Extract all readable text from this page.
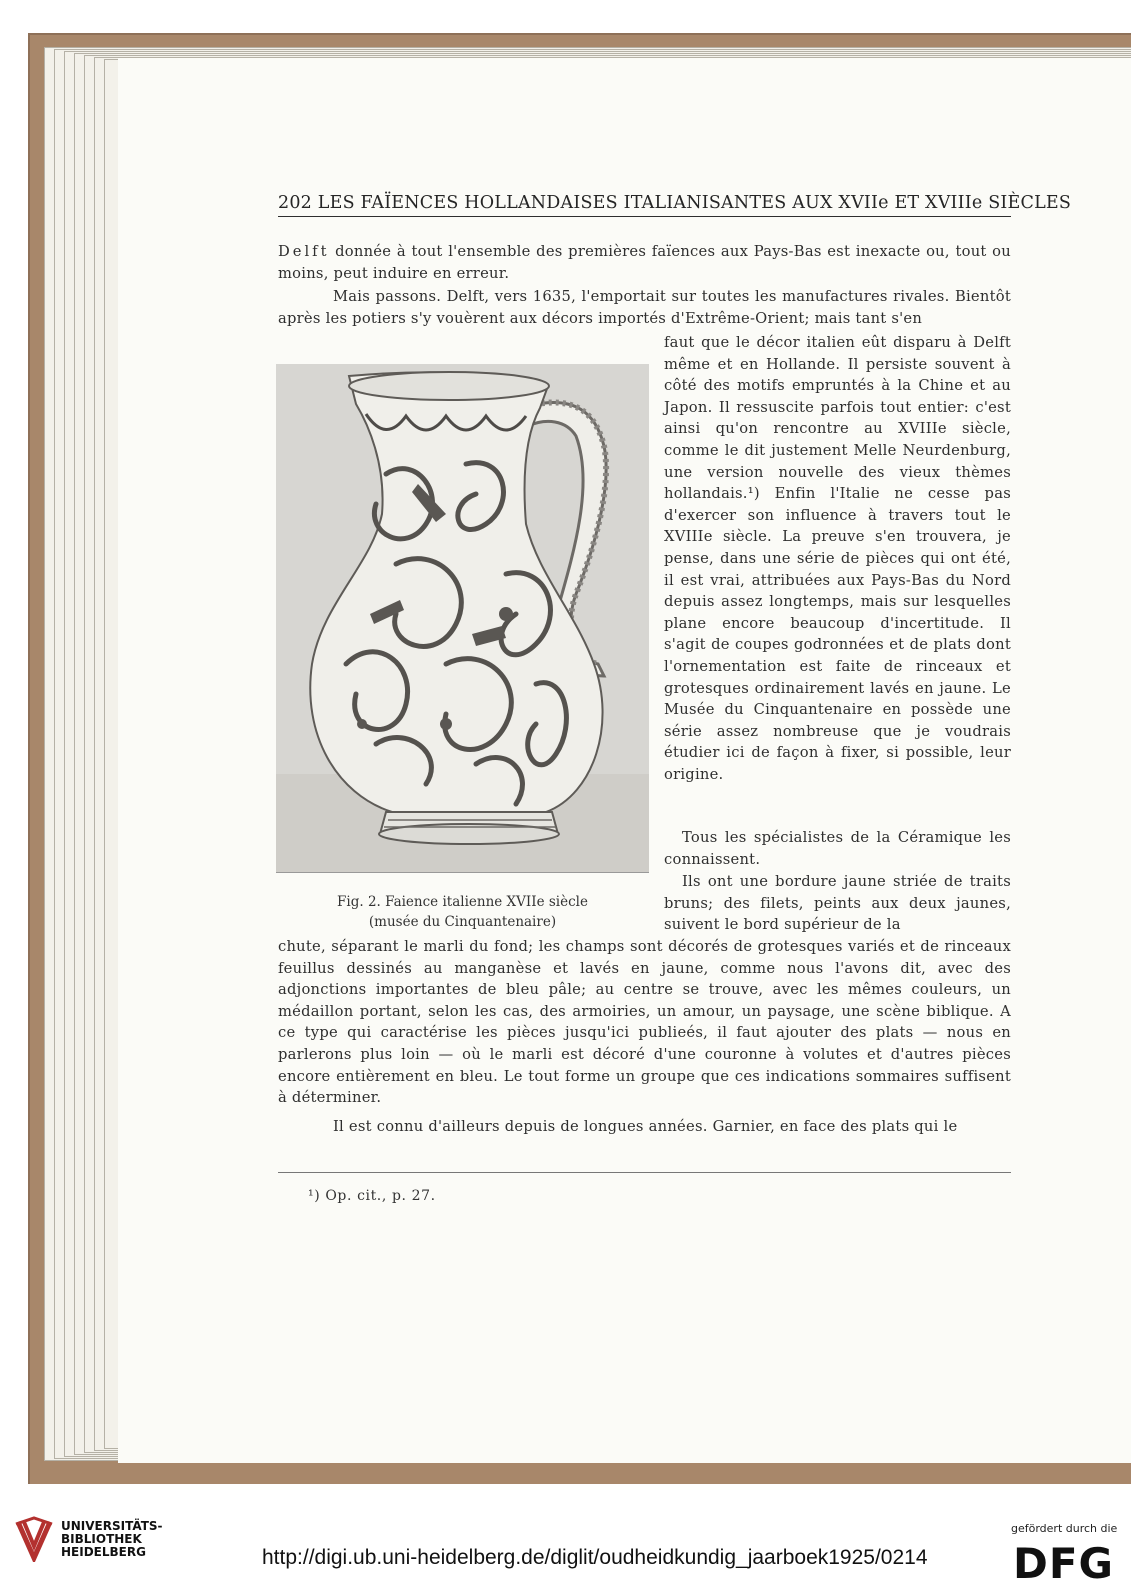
202 LES FAÏENCES HOLLANDAISES ITALIANISANTES AUX XVIIe ET XVIIIe SIÈCLES
Delft donnée à tout l'ensemble des premières faïences aux Pays-Bas est inexacte ou, tout ou moins, peut induire en erreur.
Mais passons. Delft, vers 1635, l'emportait sur toutes les manufactures rivales. Bientôt après les potiers s'y vouèrent aux décors importés d'Extrême-Orient; mais tant s'en
faut que le décor italien eût disparu à Delft même et en Hollande. Il persiste souvent à côté des motifs empruntés à la Chine et au Japon. Il ressuscite parfois tout entier: c'est ainsi qu'on rencontre au XVIIIe siècle, comme le dit justement Melle Neurdenburg, une version nouvelle des vieux thèmes hollandais.¹) Enfin l'Italie ne cesse pas d'exercer son influence à travers tout le XVIIIe siècle. La preuve s'en trouvera, je pense, dans une série de pièces qui ont été, il est vrai, attribuées aux Pays-Bas du Nord depuis assez longtemps, mais sur lesquelles plane encore beaucoup d'incertitude. Il s'agit de coupes godronnées et de plats dont l'ornementation est faite de rinceaux et grotesques ordinairement lavés en jaune. Le Musée du Cinquantenaire en possède une série assez nombreuse que je voudrais étudier ici de façon à fixer, si possible, leur origine.
Tous les spécialistes de la Céramique les connaissent.
Ils ont une bordure jaune striée de traits bruns; des filets, peints aux deux jaunes, suivent le bord supérieur de la
Fig. 2. Faience italienne XVIIe siècle
(musée du Cinquantenaire)
chute, séparant le marli du fond; les champs sont décorés de grotesques variés et de rinceaux feuillus dessinés au manganèse et lavés en jaune, comme nous l'avons dit, avec des adjonctions importantes de bleu pâle; au centre se trouve, avec les mêmes couleurs, un médaillon portant, selon les cas, des armoiries, un amour, un paysage, une scène biblique. A ce type qui caractérise les pièces jusqu'ici publieés, il faut ajouter des plats — nous en parlerons plus loin — où le marli est décoré d'une couronne à volutes et d'autres pièces encore entièrement en bleu. Le tout forme un groupe que ces indications sommaires suffisent à déterminer.
Il est connu d'ailleurs depuis de longues années. Garnier, en face des plats qui le
¹) Op. cit., p. 27.
UNIVERSITÄTS-
BIBLIOTHEK
HEIDELBERG	http://digi.ub.uni-heidelberg.de/diglit/oudheidkundig_jaarboek1925/0214
gefördert durch die
DFG
